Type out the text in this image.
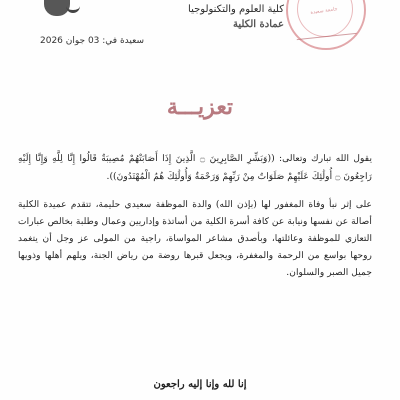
كلية العلوم والتكنولوجيا
عمادة الكلية
جامعة سعيدة
سعيدة في: 03 جوان 2026
تعزيـــة

يقول الله تبارك وتعالى: ((وَبَشِّرِ الصَّابِرِينَ ۝ الَّذِينَ إِذَا أَصَابَتْهُمْ مُصِيبَةٌ قَالُوا إِنَّا لِلَّهِ وَإِنَّا إِلَيْهِ رَاجِعُونَ ۝ أُولَٰئِكَ عَلَيْهِمْ صَلَوَاتٌ مِنْ رَبِّهِمْ وَرَحْمَةٌ وَأُولَٰئِكَ هُمُ الْمُهْتَدُونَ)).

على إثر نبأ وفاة المغفور لها (بإذن الله) والدة الموظفة سعيدي حليمة، تتقدم عميدة الكلية أصالة عن نفسها ونيابة عن كافة أسرة الكلية من أساتذة وإداريين وعمال وطلبة بخالص عبارات التعازي للموظفة وعائلتها، وبأصدق مشاعر المواساة، راجية من المولى عز وجل أن يتغمد روحها بواسع من الرحمة والمغفرة، ويجعل قبرها روضة من رياض الجنة، ويلهم أهلها وذويها جميل الصبر والسلوان.

إنا لله وإنا إليه راجعون
